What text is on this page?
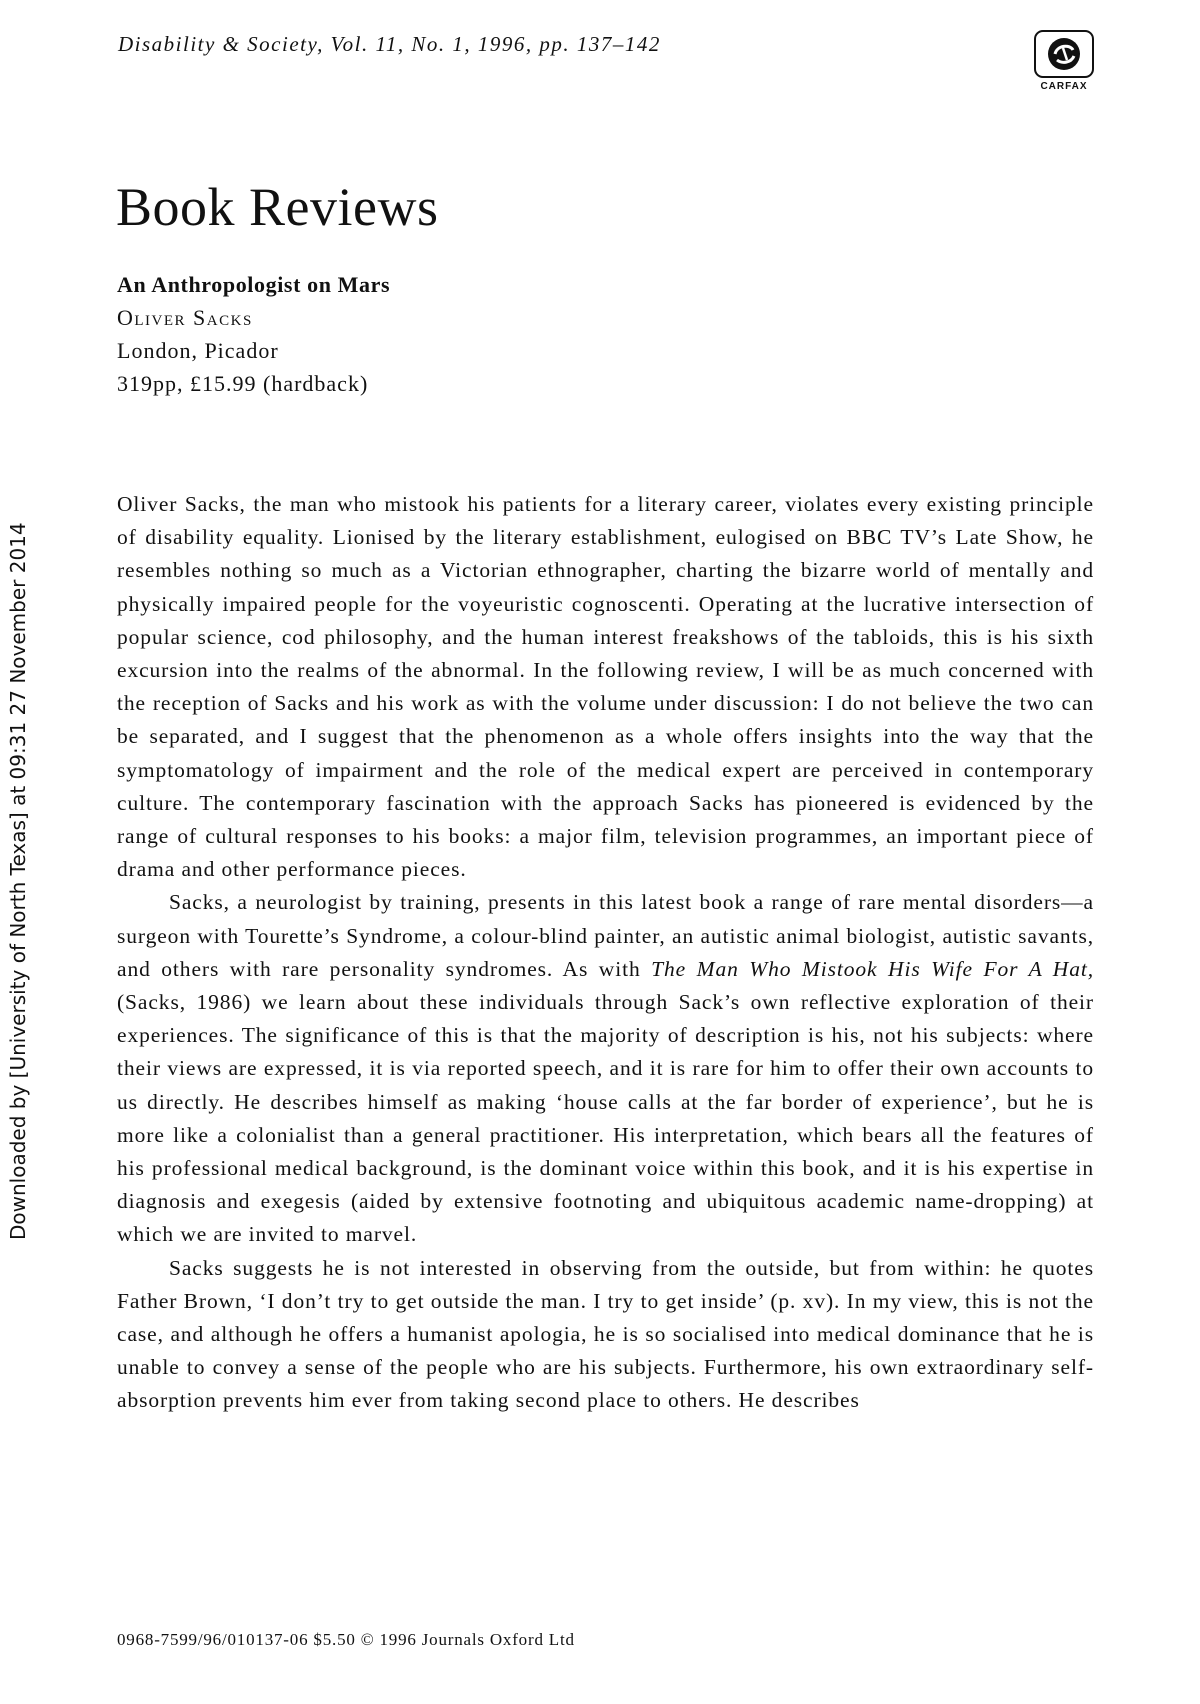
Disability & Society, Vol. 11, No. 1, 1996, pp. 137–142
CARFAX
Downloaded by [University of North Texas] at 09:31 27 November 2014
Book Reviews
An Anthropologist on Mars
Oliver Sacks
London, Picador
319pp, £15.99 (hardback)

Oliver Sacks, the man who mistook his patients for a literary career, violates every existing principle of disability equality. Lionised by the literary establishment, eulogised on BBC TV’s Late Show, he resembles nothing so much as a Victorian ethnographer, charting the bizarre world of mentally and physically impaired people for the voyeuristic cognoscenti. Operating at the lucrative intersection of popular science, cod philosophy, and the human interest freakshows of the tabloids, this is his sixth excursion into the realms of the abnormal. In the following review, I will be as much concerned with the reception of Sacks and his work as with the volume under discussion: I do not believe the two can be separated, and I suggest that the phenomenon as a whole offers insights into the way that the symptomatology of impairment and the role of the medical expert are perceived in contemporary culture. The contemporary fascination with the approach Sacks has pioneered is evidenced by the range of cultural responses to his books: a major film, television programmes, an important piece of drama and other performance pieces.

Sacks, a neurologist by training, presents in this latest book a range of rare mental disorders—a surgeon with Tourette’s Syndrome, a colour-blind painter, an autistic animal biologist, autistic savants, and others with rare personality syndromes. As with The Man Who Mistook His Wife For A Hat, (Sacks, 1986) we learn about these individuals through Sack’s own reflective exploration of their experiences. The significance of this is that the majority of description is his, not his subjects: where their views are expressed, it is via reported speech, and it is rare for him to offer their own accounts to us directly. He describes himself as making ‘house calls at the far border of experience’, but he is more like a colonialist than a general practitioner. His interpretation, which bears all the features of his professional medical background, is the dominant voice within this book, and it is his expertise in diagnosis and exegesis (aided by extensive footnoting and ubiquitous academic name-dropping) at which we are invited to marvel.

Sacks suggests he is not interested in observing from the outside, but from within: he quotes Father Brown, ‘I don’t try to get outside the man. I try to get inside’ (p. xv). In my view, this is not the case, and although he offers a humanist apologia, he is so socialised into medical dominance that he is unable to convey a sense of the people who are his subjects. Furthermore, his own extraordinary self-absorption prevents him ever from taking second place to others. He describes

0968-7599/96/010137-06 $5.50 © 1996 Journals Oxford Ltd
